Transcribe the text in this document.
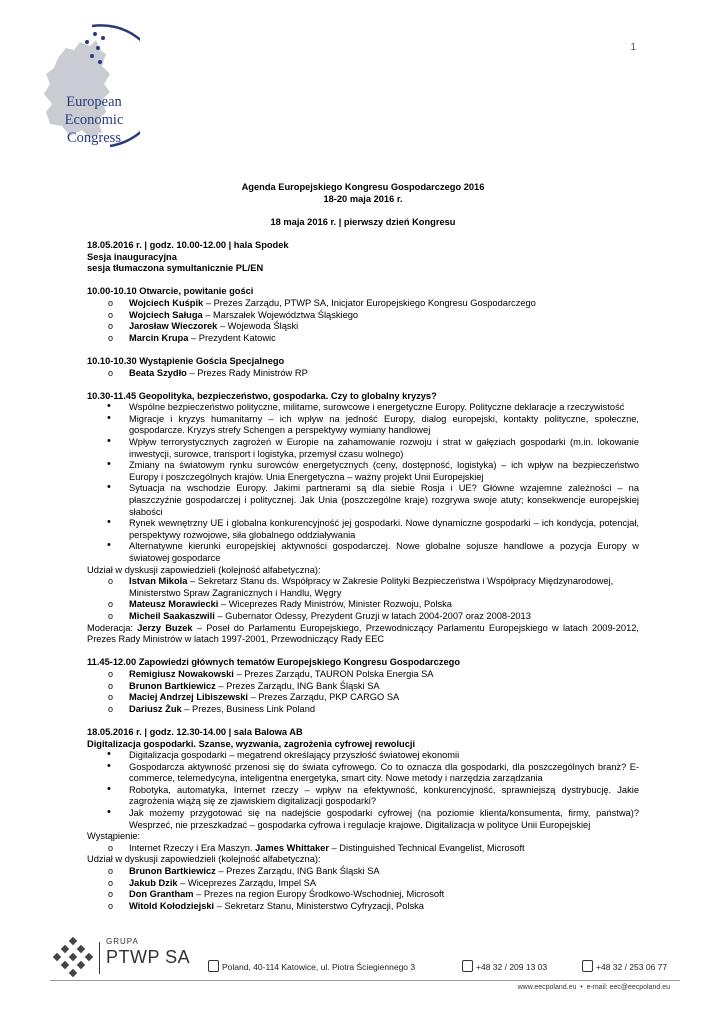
1
European
Economic
Congress

Agenda Europejskiego Kongresu Gospodarczego 2016

18-20 maja 2016 r.

18 maja 2016 r. | pierwszy dzień Kongresu

18.05.2016 r. | godz. 10.00-12.00 | hala Spodek

Sesja inauguracyjna

sesja tłumaczona symultanicznie PL/EN

10.00-10.10 Otwarcie, powitanie gości

o Wojciech Kuśpik – Prezes Zarządu, PTWP SA, Inicjator Europejskiego Kongresu Gospodarczego
o Wojciech Saługa – Marszałek Województwa Śląskiego
o Jarosław Wieczorek – Wojewoda Śląski
o Marcin Krupa – Prezydent Katowic

10.10-10.30 Wystąpienie Gościa Specjalnego

o Beata Szydło – Prezes Rady Ministrów RP

10.30-11.45 Geopolityka, bezpieczeństwo, gospodarka. Czy to globalny kryzys?

• Wspólne bezpieczeństwo polityczne, militarne, surowcowe i energetyczne Europy. Polityczne deklaracje a rzeczywistość
• Migracje i kryzys humanitarny – ich wpływ na jedność Europy, dialog europejski, kontakty polityczne, społeczne, gospodarcze. Kryzys strefy Schengen a perspektywy wymiany handlowej
• Wpływ terrorystycznych zagrożeń w Europie na zahamowanie rozwoju i strat w gałęziach gospodarki (m.in. lokowanie inwestycji, surowce, transport i logistyka, przemysł czasu wolnego)
• Zmiany na światowym rynku surowców energetycznych (ceny, dostępność, logistyka) – ich wpływ na bezpieczeństwo Europy i poszczególnych krajów. Unia Energetyczna – ważny projekt Unii Europejskiej
• Sytuacja na wschodzie Europy. Jakimi partnerami są dla siebie Rosja i UE? Główne wzajemne zależności – na płaszczyźnie gospodarczej i politycznej. Jak Unia (poszczególne kraje) rozgrywa swoje atuty; konsekwencje europejskiej słabości
• Rynek wewnętrzny UE i globalna konkurencyjność jej gospodarki. Nowe dynamiczne gospodarki – ich kondycja, potencjał, perspektywy rozwojowe, siła globalnego oddziaływania
• Alternatywne kierunki europejskiej aktywności gospodarczej. Nowe globalne sojusze handlowe a pozycja Europy w światowej gospodarce

Udział w dyskusji zapowiedzieli (kolejność alfabetyczna):

o Istvan Mikola – Sekretarz Stanu ds. Współpracy w Zakresie Polityki Bezpieczeństwa i Współpracy Międzynarodowej, Ministerstwo Spraw Zagranicznych i Handlu, Węgry
o Mateusz Morawiecki – Wiceprezes Rady Ministrów, Minister Rozwoju, Polska
o Micheil Saakaszwili – Gubernator Odessy, Prezydent Gruzji w latach 2004-2007 oraz 2008-2013

Moderacja: Jerzy Buzek – Poseł do Parlamentu Europejskiego, Przewodniczący Parlamentu Europejskiego w latach 2009-2012, Prezes Rady Ministrów w latach 1997-2001, Przewodniczący Rady EEC

11.45-12.00 Zapowiedzi głównych tematów Europejskiego Kongresu Gospodarczego

o Remigiusz Nowakowski – Prezes Zarządu, TAURON Polska Energia SA
o Brunon Bartkiewicz – Prezes Zarządu, ING Bank Śląski SA
o Maciej Andrzej Libiszewski – Prezes Zarządu, PKP CARGO SA
o Dariusz Żuk – Prezes, Business Link Poland

18.05.2016 r. | godz. 12.30-14.00 | sala Balowa AB

Digitalizacja gospodarki. Szanse, wyzwania, zagrożenia cyfrowej rewolucji

• Digitalizacja gospodarki – megatrend określający przyszłość światowej ekonomii
• Gospodarcza aktywność przenosi się do świata cyfrowego. Co to oznacza dla gospodarki, dla poszczególnych branż? E-commerce, telemedycyna, inteligentna energetyka, smart city. Nowe metody i narzędzia zarządzania
• Robotyka, automatyka, Internet rzeczy – wpływ na efektywność, konkurencyjność, sprawniejszą dystrybucję. Jakie zagrożenia wiążą się ze zjawiskiem digitalizacji gospodarki?
• Jak możemy przygotować się na nadejście gospodarki cyfrowej (na poziomie klienta/konsumenta, firmy, państwa)? Wesprzeć, nie przeszkadzać – gospodarka cyfrowa i regulacje krajowe. Digitalizacja w polityce Unii Europejskiej

Wystąpienie:

o Internet Rzeczy i Era Maszyn. James Whittaker – Distinguished Technical Evangelist, Microsoft

Udział w dyskusji zapowiedzieli (kolejność alfabetyczna):

o Brunon Bartkiewicz – Prezes Zarządu, ING Bank Śląski SA
o Jakub Dzik – Wiceprezes Zarządu, Impel SA
o Don Grantham – Prezes na region Europy Środkowo-Wschodniej, Microsoft
o Witold Kołodziejski – Sekretarz Stanu, Ministerstwo Cyfryzacji, Polska
GRUPA
PTWP SA	Poland, 40-114 Katowice, ul. Piotra Ściegiennego 3	+48 32 / 209 13 03	+48 32 / 253 06 77
www.eecpoland.eu  •  e-mail: eec@eecpoland.eu
